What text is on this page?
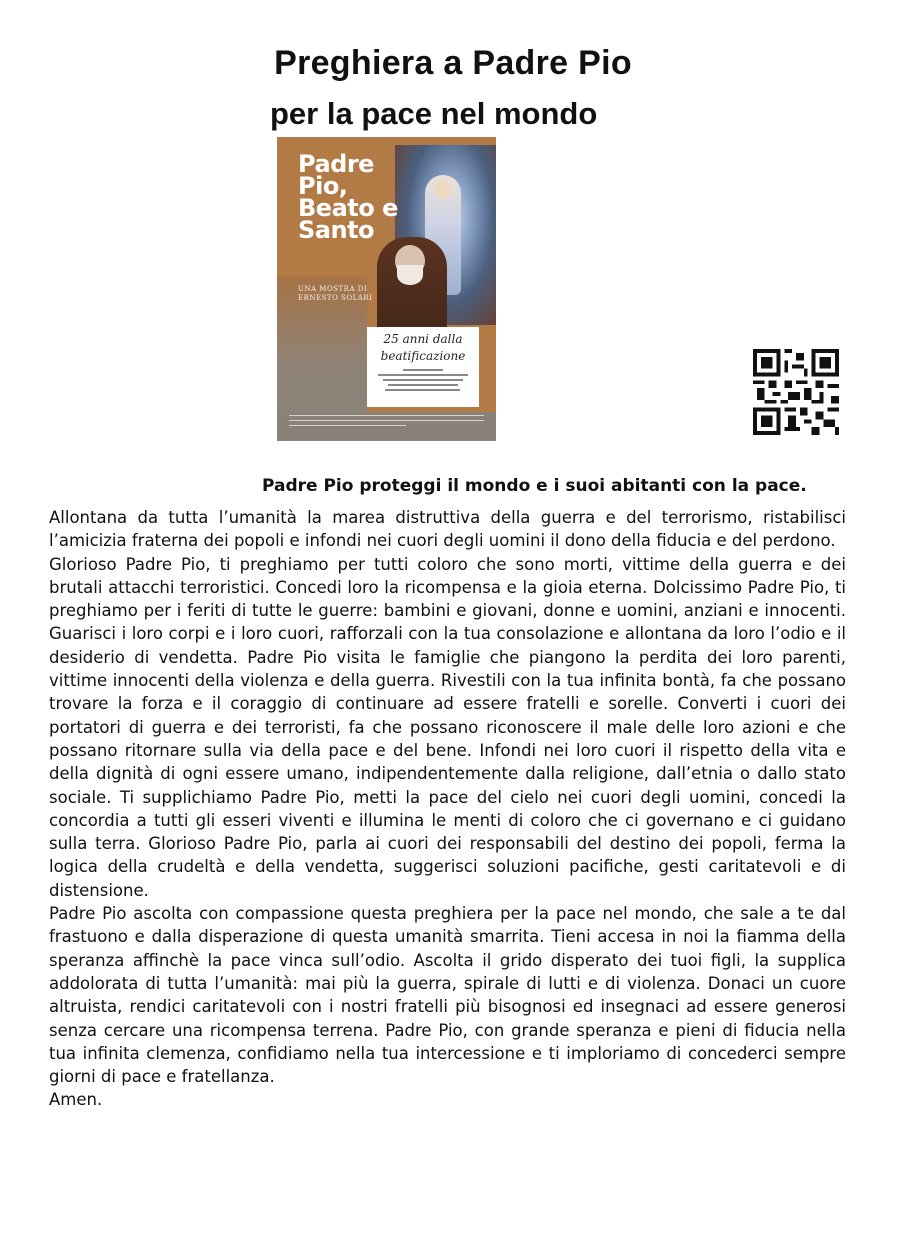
Preghiera a Padre Pio
per la pace nel mondo
Padre
Pio,
Beato e
Santo
UNA MOSTRA DI
ERNESTO SOLARI
25 anni dalla
beatificazione
Padre Pio proteggi il mondo e i suoi abitanti con la pace.

Allontana da tutta l’umanità la marea distruttiva della guerra e del terrorismo, ristabilisci l’amicizia fraterna dei popoli e infondi nei cuori degli uomini il dono della fiducia e del perdono.

Glorioso Padre Pio, ti preghiamo per tutti coloro che sono morti, vittime della guerra e dei brutali attacchi terroristici. Concedi loro la ricompensa e la gioia eterna. Dolcissimo Padre Pio, ti preghiamo per i feriti di tutte le guerre: bambini e giovani, donne e uomini, anziani e innocenti. Guarisci i loro corpi e i loro cuori, rafforzali con la tua consolazione e allontana da loro l’odio e il desiderio di vendetta. Padre Pio visita le famiglie che piangono la perdita dei loro parenti, vittime innocenti della violenza e della guerra. Rivestili con la tua infinita bontà, fa che possano trovare la forza e il coraggio di continuare ad essere fratelli e sorelle. Converti i cuori dei portatori di guerra e dei terroristi, fa che possano riconoscere il male delle loro azioni e che possano ritornare sulla via della pace e del bene. Infondi nei loro cuori il rispetto della vita e della dignità di ogni essere umano, indipendentemente dalla religione, dall’etnia o dallo stato sociale. Ti supplichiamo Padre Pio, metti la pace del cielo nei cuori degli uomini, concedi la concordia a tutti gli esseri viventi e illumina le menti di coloro che ci governano e ci guidano sulla terra. Glorioso Padre Pio, parla ai cuori dei responsabili del destino dei popoli, ferma la logica della crudeltà e della vendetta, suggerisci soluzioni pacifiche, gesti caritatevoli e di distensione.

Padre Pio ascolta con compassione questa preghiera per la pace nel mondo, che sale a te dal frastuono e dalla disperazione di questa umanità smarrita. Tieni accesa in noi la fiamma della speranza affinchè la pace vinca sull’odio. Ascolta il grido disperato dei tuoi figli, la supplica addolorata di tutta l’umanità: mai più la guerra, spirale di lutti e di violenza. Donaci un cuore altruista, rendici caritatevoli con i nostri fratelli più bisognosi ed insegnaci ad essere generosi senza cercare una ricompensa terrena. Padre Pio, con grande speranza e pieni di fiducia nella tua infinita clemenza, confidiamo nella tua intercessione e ti imploriamo di concederci sempre giorni di pace e fratellanza.

Amen.
